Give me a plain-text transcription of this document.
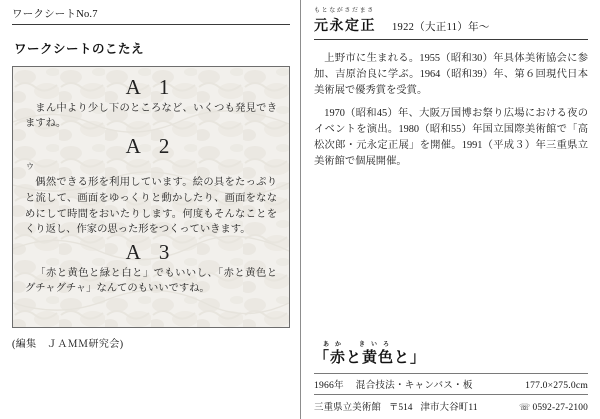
ワークシートNo.7
ワークシートのこたえ
A 1
まん中より少し下のところなど、いくつも発見できますね。
A 2
ウ
偶然できる形を利用しています。絵の具をたっぷりと流して、画面をゆっくりと動かしたり、画面をななめにして時間をおいたりします。何度もそんなことをくり返し、作家の思った形をつくっていきます。
A 3
「赤と黄色と緑と白と」でもいいし、「赤と黄色とグチャグチャ」なんてのもいいですね。
(編集　ＪＡＭＭ研究会)
もとながさだまさ
元永定正 1922（大正11）年～

上野市に生まれる。1955（昭和30）年具体美術協会に参加、吉原治良に学ぶ。1964（昭和39）年、第６回現代日本美術展で優秀賞を受賞。

1970（昭和45）年、大阪万国博お祭り広場における夜のイベントを演出。1980（昭和55）年国立国際美術館で「高松次郎・元永定正展」を開催。1991（平成３）年三重県立美術館で個展開催。

あか　きいろ
「赤と黄色と」
1966年 混合技法・キャンバス・板	177.0×275.0cm
三重県立美術館 〒514 津市大谷町11	☏ 0592-27-2100
